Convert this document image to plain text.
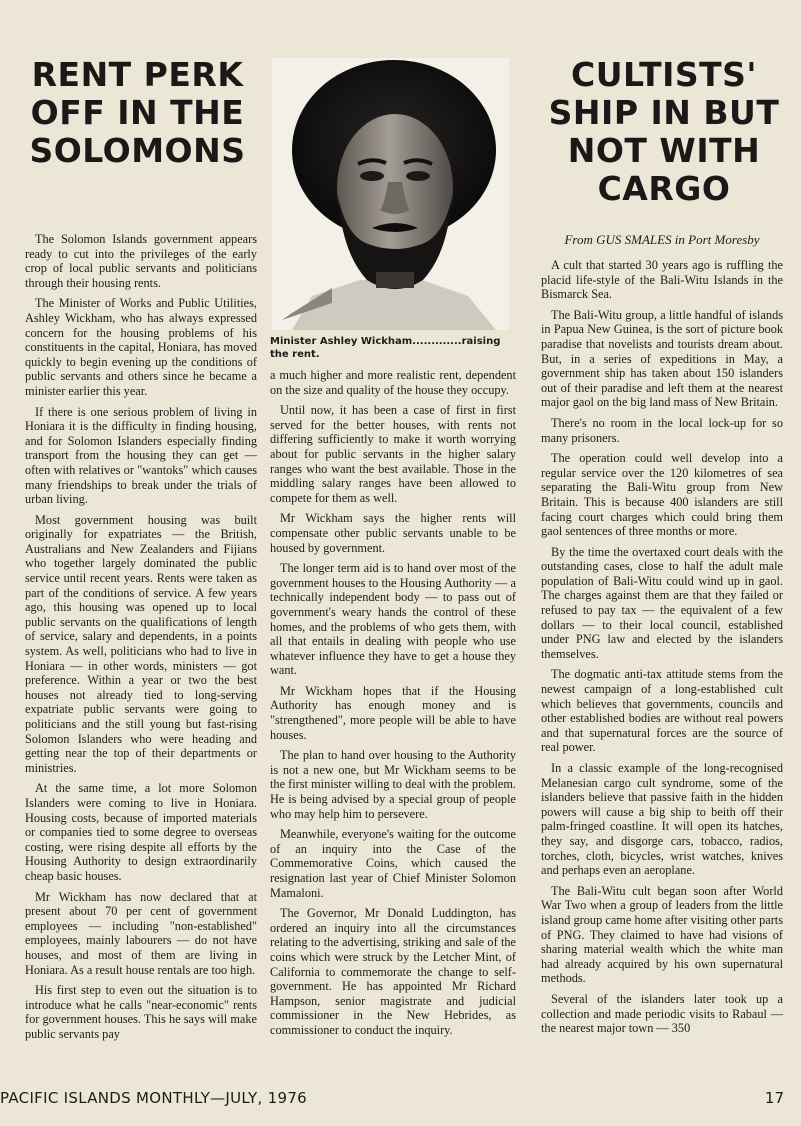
RENT PERK OFF IN THE SOLOMONS
CULTISTS' SHIP IN BUT NOT WITH CARGO

The Solomon Islands government appears ready to cut into the privileges of the early crop of local public servants and politicians through their housing rents.

The Minister of Works and Public Utilities, Ashley Wickham, who has always expressed concern for the housing problems of his constituents in the capital, Honiara, has moved quickly to begin evening up the conditions of public servants and others since he became a minister earlier this year.

If there is one serious problem of living in Honiara it is the difficulty in finding housing, and for Solomon Islanders especially finding transport from the housing they can get — often with relatives or "wantoks" which causes many friendships to break under the trials of urban living.

Most government housing was built originally for expatriates — the British, Australians and New Zealanders and Fijians who together largely dominated the public service until recent years. Rents were taken as part of the conditions of service. A few years ago, this housing was opened up to local public servants on the qualifications of length of service, salary and dependents, in a points system. As well, politicians who had to live in Honiara — in other words, ministers — got preference. Within a year or two the best houses not already tied to long-serving expatriate public servants were going to politicians and the still young but fast-rising Solomon Islanders who were heading and getting near the top of their departments or ministries.

At the same time, a lot more Solomon Islanders were coming to live in Honiara. Housing costs, because of imported materials or companies tied to some degree to overseas costing, were rising despite all efforts by the Housing Authority to design extraordinarily cheap basic houses.

Mr Wickham has now declared that at present about 70 per cent of government employees — including "non-established" employees, mainly labourers — do not have houses, and most of them are living in Honiara. As a result house rentals are too high.

His first step to even out the situation is to introduce what he calls "near-economic" rents for government houses. This he says will make public servants pay

Minister Ashley Wickham.............raising the rent.

a much higher and more realistic rent, dependent on the size and quality of the house they occupy.

Until now, it has been a case of first in first served for the better houses, with rents not differing sufficiently to make it worth worrying about for public servants in the higher salary ranges who want the best available. Those in the middling salary ranges have been allowed to compete for them as well.

Mr Wickham says the higher rents will compensate other public servants unable to be housed by government.

The longer term aid is to hand over most of the government houses to the Housing Authority — a technically independent body — to pass out of government's weary hands the control of these homes, and the problems of who gets them, with all that entails in dealing with people who use whatever influence they have to get a house they want.

Mr Wickham hopes that if the Housing Authority has enough money and is "strengthened", more people will be able to have houses.

The plan to hand over housing to the Authority is not a new one, but Mr Wickham seems to be the first minister willing to deal with the problem. He is being advised by a special group of people who may help him to persevere.

Meanwhile, everyone's waiting for the outcome of an inquiry into the Case of the Commemorative Coins, which caused the resignation last year of Chief Minister Solomon Mamaloni.

The Governor, Mr Donald Luddington, has ordered an inquiry into all the circumstances relating to the advertising, striking and sale of the coins which were struck by the Letcher Mint, of California to commemorate the change to self-government. He has appointed Mr Richard Hampson, senior magistrate and judicial commissioner in the New Hebrides, as commissioner to conduct the inquiry.

From GUS SMALES in Port Moresby

A cult that started 30 years ago is ruffling the placid life-style of the Bali-Witu Islands in the Bismarck Sea.

The Bali-Witu group, a little handful of islands in Papua New Guinea, is the sort of picture book paradise that novelists and tourists dream about. But, in a series of expeditions in May, a government ship has taken about 150 islanders out of their paradise and left them at the nearest major gaol on the big land mass of New Britain.

There's no room in the local lock-up for so many prisoners.

The operation could well develop into a regular service over the 120 kilometres of sea separating the Bali-Witu group from New Britain. This is because 400 islanders are still facing court charges which could bring them gaol sentences of three months or more.

By the time the overtaxed court deals with the outstanding cases, close to half the adult male population of Bali-Witu could wind up in gaol. The charges against them are that they failed or refused to pay tax — the equivalent of a few dollars — to their local council, established under PNG law and elected by the islanders themselves.

The dogmatic anti-tax attitude stems from the newest campaign of a long-established cult which believes that governments, councils and other established bodies are without real powers and that supernatural forces are the source of real power.

In a classic example of the long-recognised Melanesian cargo cult syndrome, some of the islanders believe that passive faith in the hidden powers will cause a big ship to beith off their palm-fringed coastline. It will open its hatches, they say, and disgorge cars, tobacco, radios, torches, cloth, bicycles, wrist watches, knives and perhaps even an aeroplane.

The Bali-Witu cult began soon after World War Two when a group of leaders from the little island group came home after visiting other parts of PNG. They claimed to have had visions of sharing material wealth which the white man had already acquired by his own supernatural methods.

Several of the islanders later took up a collection and made periodic visits to Rabaul — the nearest major town — 350

PACIFIC ISLANDS MONTHLY—JULY, 1976	17
